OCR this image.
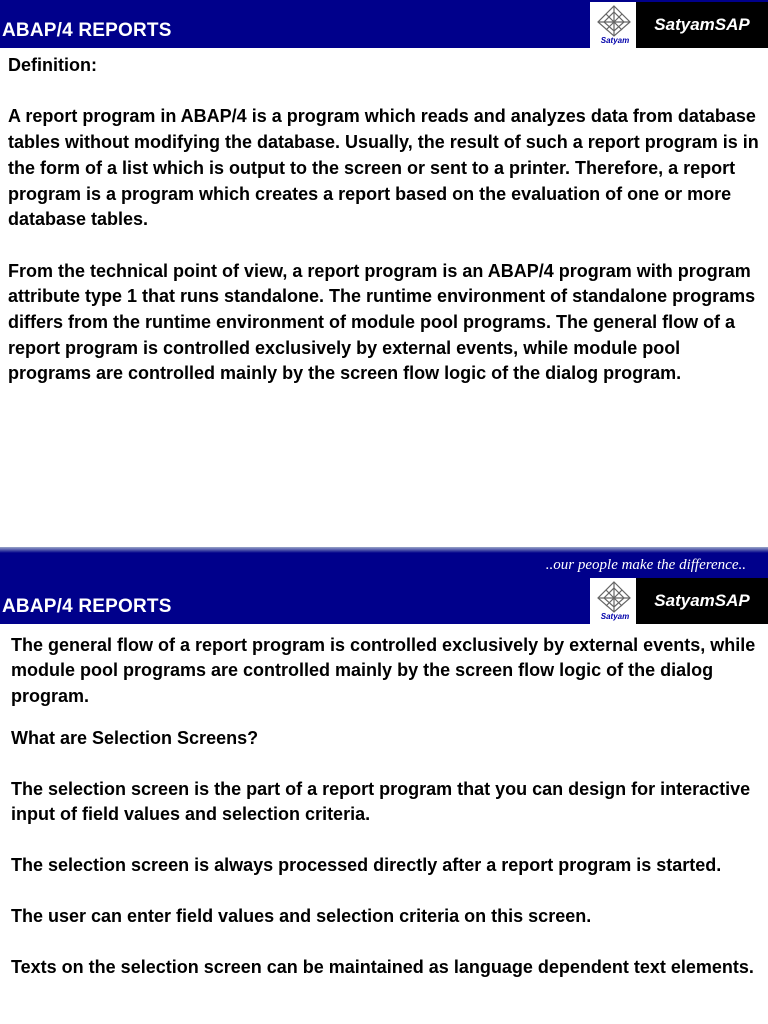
ABAP/4 REPORTS	Satyam
SatyamSAP

Definition:

A report program in ABAP/4 is a program which reads and analyzes data from database tables without modifying the database. Usually, the result of such a report program is in the form of a list which is output to the screen or sent to a printer. Therefore, a report program is a program which creates a report based on the evaluation of one or more database tables.

From the technical point of view, a report program is an ABAP/4 program with program attribute type 1 that runs standalone. The runtime environment of standalone programs differs from the runtime environment of module pool programs. The general flow of a report program is controlled exclusively by external events, while module pool programs are controlled mainly by the screen flow logic of the dialog program.

..our people make the difference..
ABAP/4 REPORTS	Satyam
SatyamSAP

The general flow of a report program is controlled exclusively by external events, while module pool programs are controlled mainly by the screen flow logic of the dialog program.

What are Selection Screens?

The selection screen is the part of a report program that you can design for interactive input of field values and selection criteria.

The selection screen is always processed directly after a report program is started.

The user can enter field values and selection criteria on this screen.

Texts on the selection screen can be maintained as language dependent text elements.
